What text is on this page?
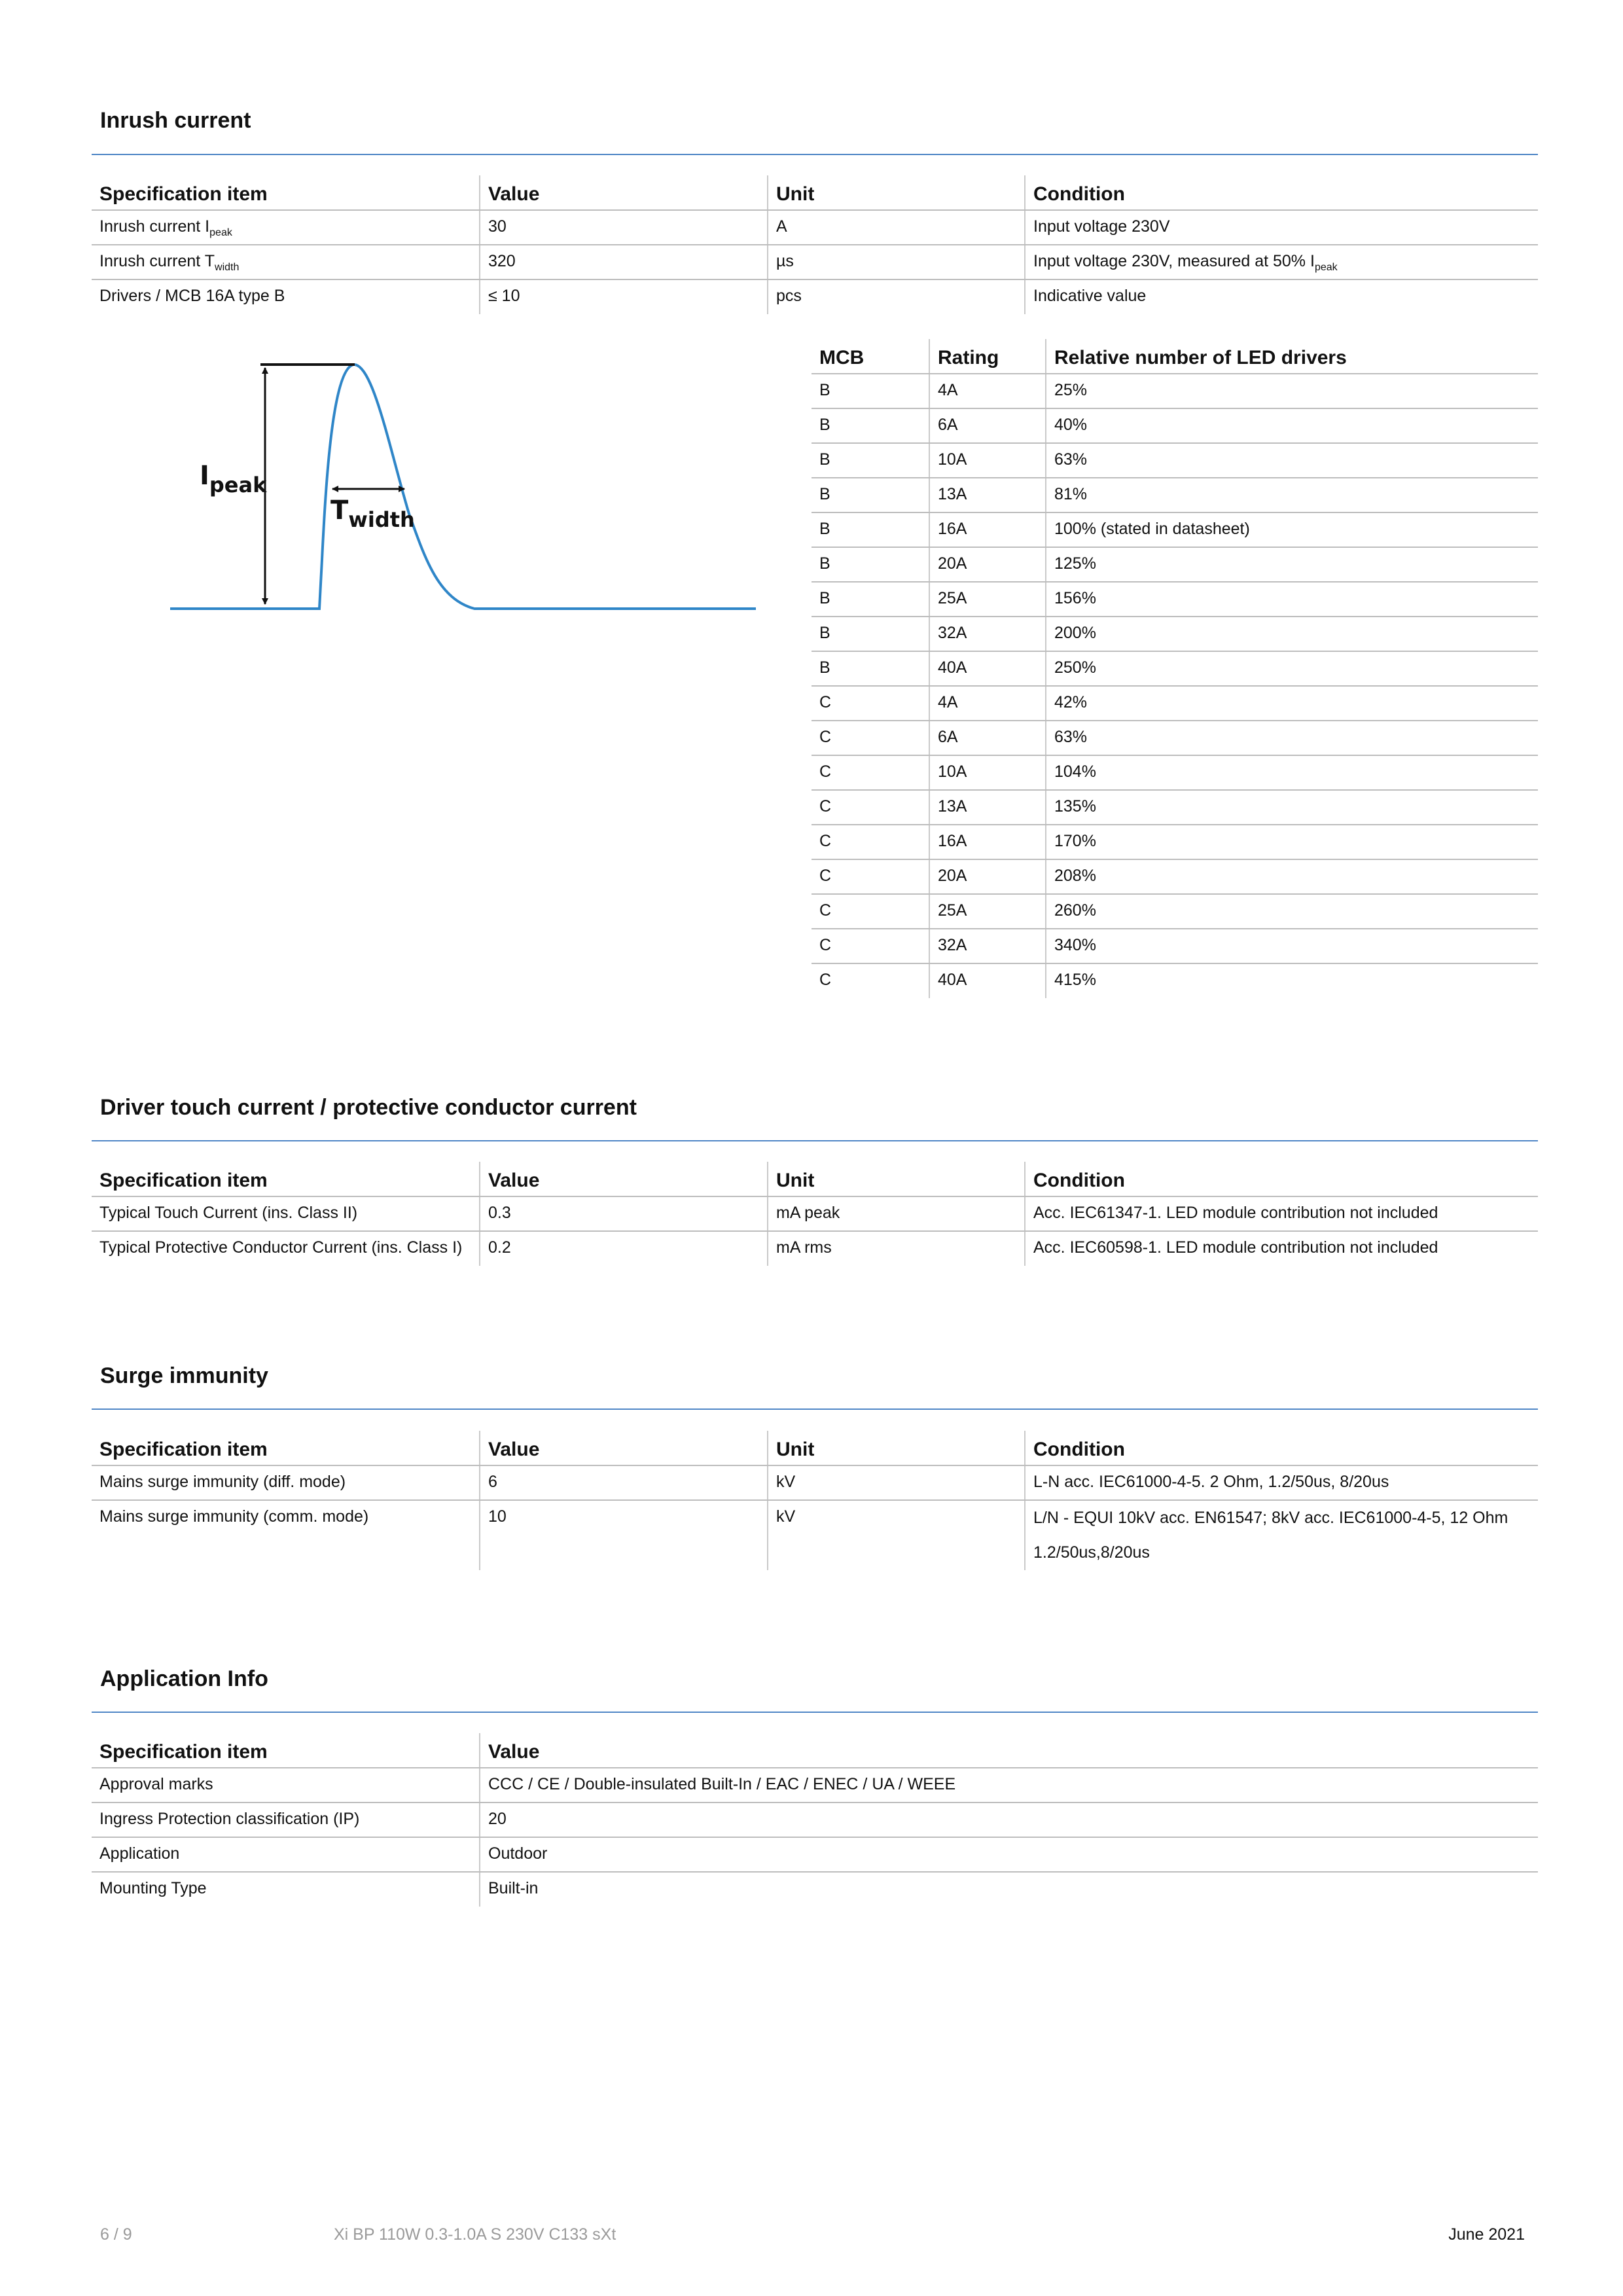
Inrush current
Specification item	Value	Unit	Condition
Inrush current $I_{peak}$	30	A	Input voltage 230V
Inrush current $T_{width}$	320	µs	Input voltage 230V, measured at 50% $I_{peak}$
Drivers / MCB 16A type B	≤ 10	pcs	Indicative value
$I_{peak}$
$T_{width}$
MCB	Rating	Relative number of LED drivers
B	4A	25%
B	6A	40%
B	10A	63%
B	13A	81%
B	16A	100% (stated in datasheet)
B	20A	125%
B	25A	156%
B	32A	200%
B	40A	250%
C	4A	42%
C	6A	63%
C	10A	104%
C	13A	135%
C	16A	170%
C	20A	208%
C	25A	260%
C	32A	340%
C	40A	415%
Driver touch current / protective conductor current
Specification item	Value	Unit	Condition
Typical Touch Current (ins. Class II)	0.3	mA peak	Acc. IEC61347-1. LED module contribution not included
Typical Protective Conductor Current (ins. Class I)	0.2	mA rms	Acc. IEC60598-1. LED module contribution not included
Surge immunity
Specification item	Value	Unit	Condition
Mains surge immunity (diff. mode)	6	kV	L-N acc. IEC61000-4-5. 2 Ohm, 1.2/50us, 8/20us
Mains surge immunity (comm. mode)	10	kV	L/N - EQUI 10kV acc. EN61547; 8kV acc. IEC61000-4-5, 12 Ohm 1.2/50us,8/20us
Application Info
Specification item	Value
Approval marks	CCC / CE / Double-insulated Built-In / EAC / ENEC / UA / WEEE
Ingress Protection classification (IP)	20
Application	Outdoor
Mounting Type	Built-in
6 / 9	Xi BP 110W 0.3-1.0A S 230V C133 sXt	June 2021
